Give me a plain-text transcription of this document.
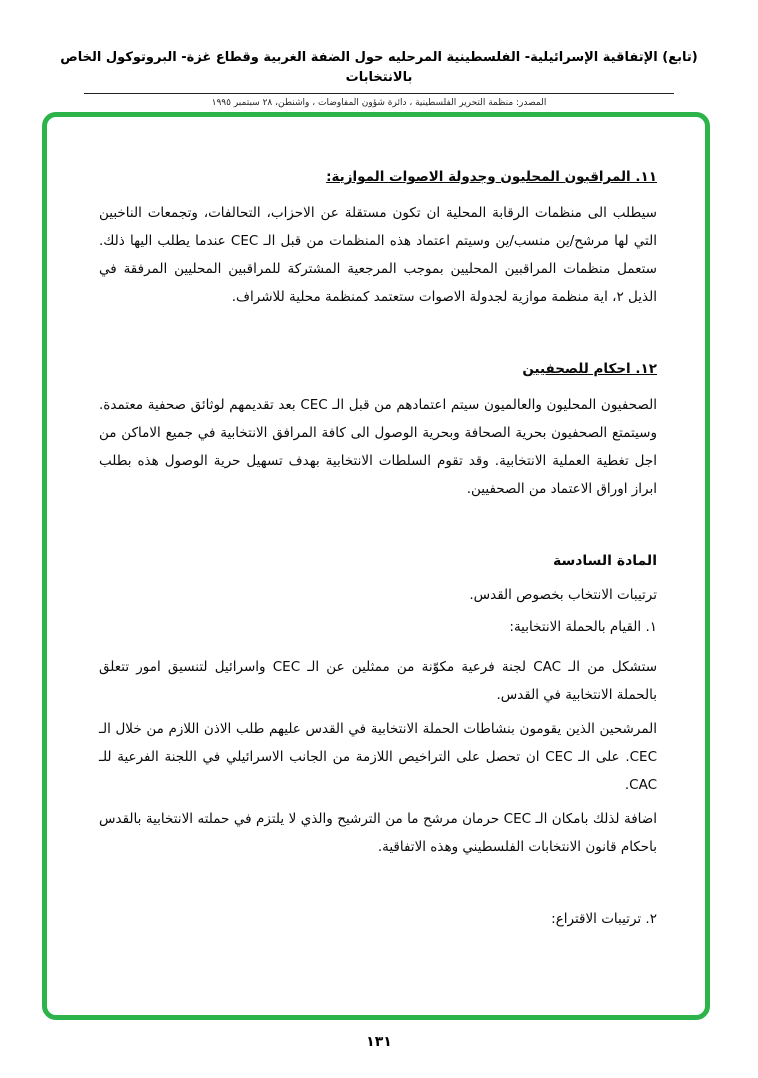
(تابع) الإتفاقية الإسرائيلية- الفلسطينية المرحليه حول الضفة الغربية وقطاع غزة- البروتوكول الخاص بالانتخابات
المصدر: منظمة التحرير الفلسطينية ، دائرة شؤون المفاوضات ، واشنطن، ٢٨ سبتمبر ١٩٩٥
١١. المراقبون المحليون وجدولة الاصوات الموازية:

سيطلب الى منظمات الرقابة المحلية ان تكون مستقلة عن الاحزاب، التحالفات، وتجمعات الناخبين التي لها مرشح/ين منسب/ين وسيتم اعتماد هذه المنظمات من قبل الـ CEC عندما يطلب اليها ذلك. ستعمل منظمات المراقبين المحليين بموجب المرجعية المشتركة للمراقبين المحليين المرفقة في الذيل ٢، اية منظمة موازية لجدولة الاصوات ستعتمد كمنظمة محلية للاشراف.

١٢. احكام للصحفيين

الصحفيون المحليون والعالميون سيتم اعتمادهم من قبل الـ CEC بعد تقديمهم لوثائق صحفية معتمدة. وسيتمتع الصحفيون بحرية الصحافة وبحرية الوصول الى كافة المرافق الانتخابية في جميع الاماكن من اجل تغطية العملية الانتخابية. وقد تقوم السلطات الانتخابية بهدف تسهيل حرية الوصول هذه بطلب ابراز اوراق الاعتماد من الصحفيين.

المادة السادسة

ترتيبات الانتخاب بخصوص القدس.

١. القيام بالحملة الانتخابية:

ستشكل من الـ CAC لجنة فرعية مكوّنة من ممثلين عن الـ CEC واسرائيل لتنسيق امور تتعلق بالحملة الانتخابية في القدس.

المرشحين الذين يقومون بنشاطات الحملة الانتخابية في القدس عليهم طلب الاذن اللازم من خلال الـ CEC. على الـ CEC ان تحصل على التراخيص اللازمة من الجانب الاسرائيلي في اللجنة الفرعية للـ CAC.

اضافة لذلك بامكان الـ CEC حرمان مرشح ما من الترشيح والذي لا يلتزم في حملته الانتخابية بالقدس باحكام قانون الانتخابات الفلسطيني وهذه الاتفاقية.

٢. ترتيبات الاقتراع:

١٣١
